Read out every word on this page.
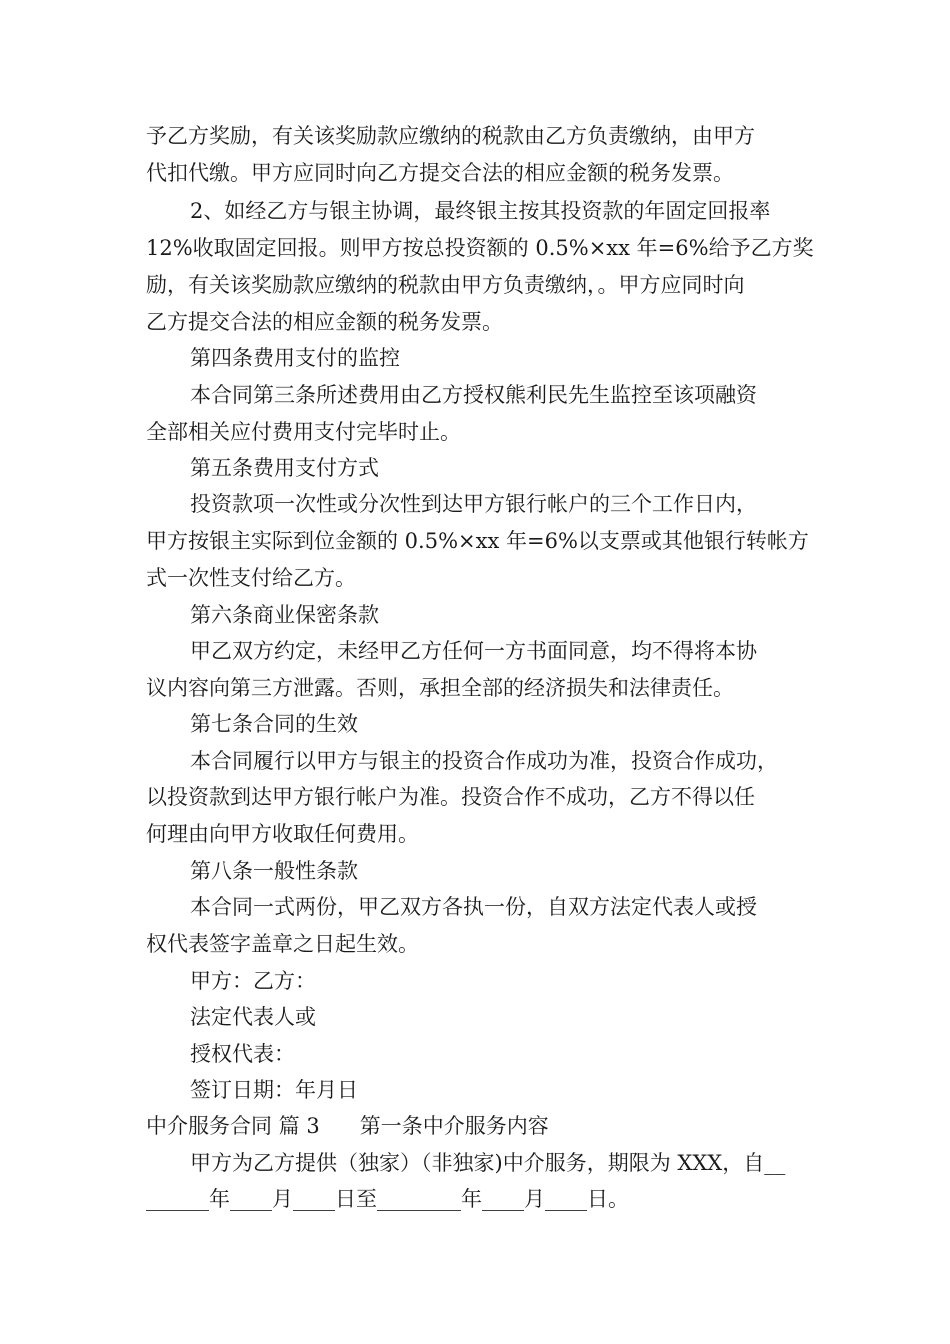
予乙方奖励，有关该奖励款应缴纳的税款由乙方负责缴纳，由甲方
代扣代缴。甲方应同时向乙方提交合法的相应金额的税务发票。
2、如经乙方与银主协调，最终银主按其投资款的年固定回报率
12%收取固定回报。则甲方按总投资额的 0.5%×xx 年=6%给予乙方奖
励，有关该奖励款应缴纳的税款由甲方负责缴纳，。甲方应同时向
乙方提交合法的相应金额的税务发票。
第四条费用支付的监控
本合同第三条所述费用由乙方授权熊利民先生监控至该项融资
全部相关应付费用支付完毕时止。
第五条费用支付方式
投资款项一次性或分次性到达甲方银行帐户的三个工作日内，
甲方按银主实际到位金额的 0.5%×xx 年=6%以支票或其他银行转帐方
式一次性支付给乙方。
第六条商业保密条款
甲乙双方约定，未经甲乙方任何一方书面同意，均不得将本协
议内容向第三方泄露。否则，承担全部的经济损失和法律责任。
第七条合同的生效
本合同履行以甲方与银主的投资合作成功为准，投资合作成功，
以投资款到达甲方银行帐户为准。投资合作不成功，乙方不得以任
何理由向甲方收取任何费用。
第八条一般性条款
本合同一式两份，甲乙双方各执一份，自双方法定代表人或授
权代表签字盖章之日起生效。
甲方：乙方：
法定代表人或
授权代表：
签订日期：年月日
中介服务合同 篇 3 第一条中介服务内容
甲方为乙方提供（独家）（非独家)中介服务，期限为 XXX，自__
______年____月____日至________年____月____日。
